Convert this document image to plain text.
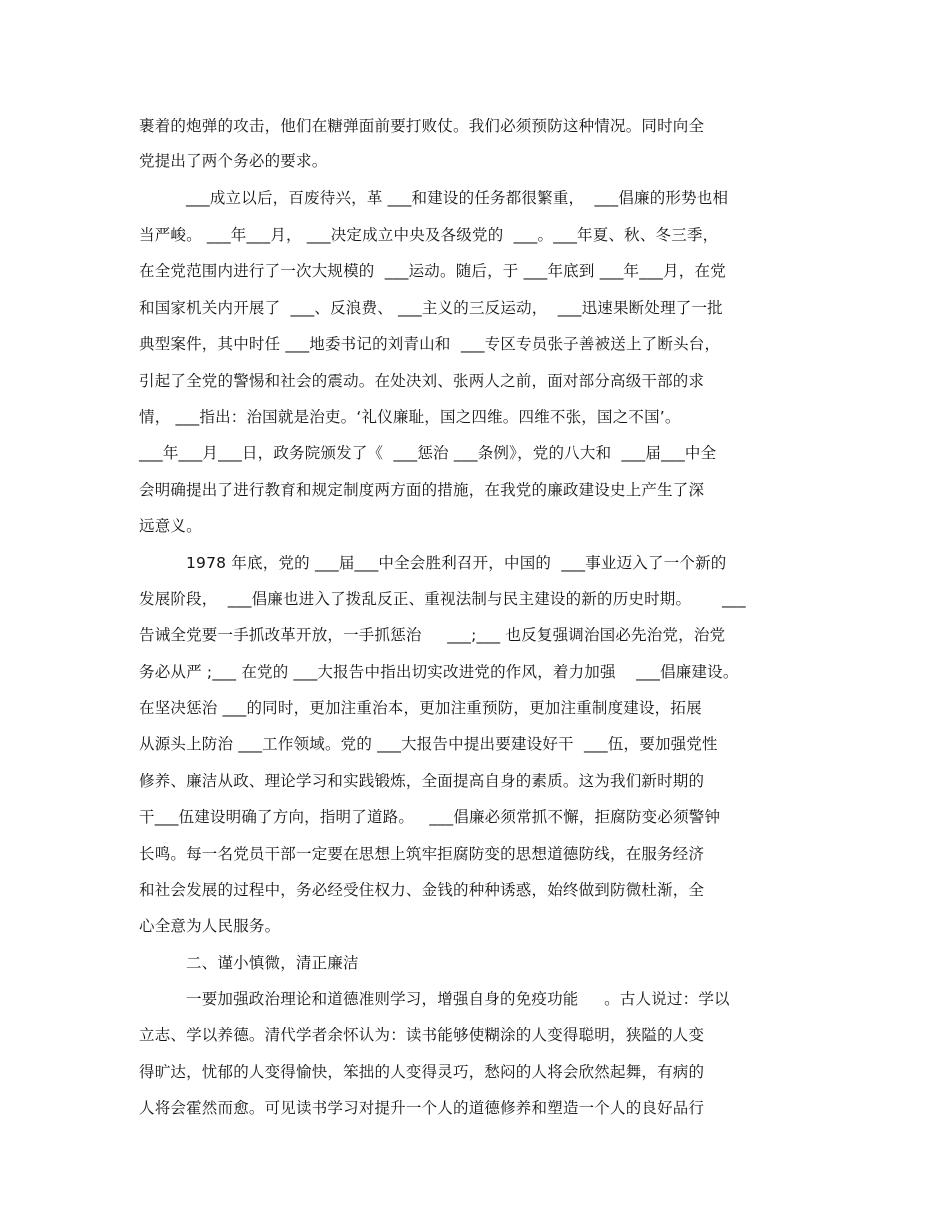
裹着的炮弹的攻击，他们在糖弹面前要打败仗。我们必须预防这种情况。同时向全
党提出了两个务必的要求。
___成立以后，百废待兴，革 ___和建设的任务都很繁重，  ___倡廉的形势也相
当严峻。 ___年___月， ___决定成立中央及各级党的  ___。___年夏、秋、冬三季，
在全党范围内进行了一次大规模的  ___运动。随后，于 ___年底到 ___年___月，在党
和国家机关内开展了  ___、反浪费、 ___主义的三反运动，  ___迅速果断处理了一批
典型案件，其中时任 ___地委书记的刘青山和  ___专区专员张子善被送上了断头台，
引起了全党的警惕和社会的震动。在处决刘、张两人之前，面对部分高级干部的求
情， ___指出：治国就是治吏。‘礼仪廉耻，国之四维。四维不张，国之不国’。
___年___月___日，政务院颁发了《  ___惩治 ___条例》，党的八大和  ___届___中全
会明确提出了进行教育和规定制度两方面的措施，在我党的廉政建设史上产生了深
远意义。
1978 年底，党的 ___届___中全会胜利召开，中国的  ___事业迈入了一个新的
发展阶段，  ___倡廉也进入了拨乱反正、重视法制与民主建设的新的历史时期。      ___
告诫全党要一手抓改革开放，一手抓惩治     ___;___ 也反复强调治国必先治党，治党
务必从严 ;___ 在党的 ___大报告中指出切实改进党的作风，着力加强    ___倡廉建设。
在坚决惩治 ___的同时，更加注重治本，更加注重预防，更加注重制度建设，拓展
从源头上防治 ___工作领域。党的 ___大报告中提出要建设好干  ___伍，要加强党性
修养、廉洁从政、理论学习和实践锻炼，全面提高自身的素质。这为我们新时期的
干___伍建设明确了方向，指明了道路。   ___倡廉必须常抓不懈，拒腐防变必须警钟
长鸣。每一名党员干部一定要在思想上筑牢拒腐防变的思想道德防线，在服务经济
和社会发展的过程中，务必经受住权力、金钱的种种诱惑，始终做到防微杜渐，全
心全意为人民服务。
二、谨小慎微，清正廉洁
一要加强政治理论和道德准则学习，增强自身的免疫功能     。古人说过：学以
立志、学以养德。清代学者余怀认为：读书能够使糊涂的人变得聪明，狭隘的人变
得旷达，忧郁的人变得愉快，笨拙的人变得灵巧，愁闷的人将会欣然起舞，有病的
人将会霍然而愈。可见读书学习对提升一个人的道德修养和塑造一个人的良好品行
